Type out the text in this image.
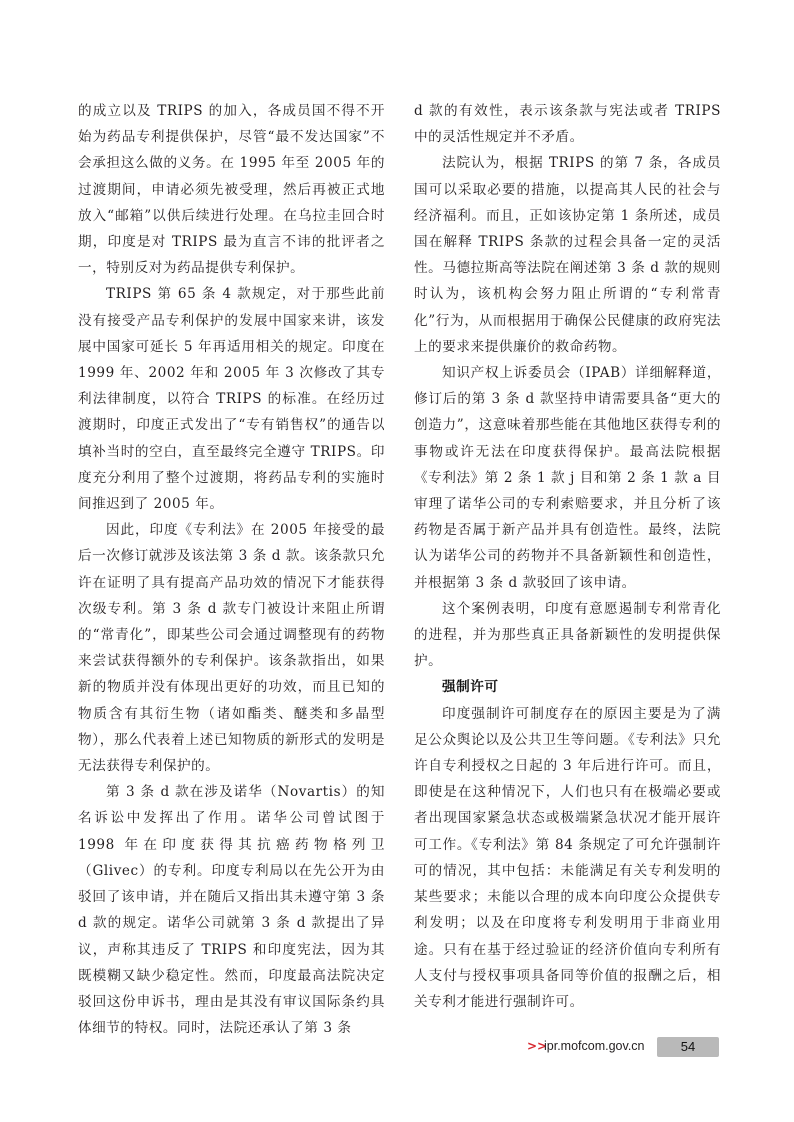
的成立以及 TRIPS 的加入，各成员国不得不开始为药品专利提供保护，尽管“最不发达国家”不会承担这么做的义务。在 1995 年至 2005 年的过渡期间，申请必须先被受理，然后再被正式地放入“邮箱”以供后续进行处理。在乌拉圭回合时期，印度是对 TRIPS 最为直言不讳的批评者之一，特别反对为药品提供专利保护。

TRIPS 第 65 条 4 款规定，对于那些此前没有接受产品专利保护的发展中国家来讲，该发展中国家可延长 5 年再适用相关的规定。印度在 1999 年、2002 年和 2005 年 3 次修改了其专利法律制度，以符合 TRIPS 的标准。在经历过渡期时，印度正式发出了“专有销售权”的通告以填补当时的空白，直至最终完全遵守 TRIPS。印度充分利用了整个过渡期，将药品专利的实施时间推迟到了 2005 年。

因此，印度《专利法》在 2005 年接受的最后一次修订就涉及该法第 3 条 d 款。该条款只允许在证明了具有提高产品功效的情况下才能获得次级专利。第 3 条 d 款专门被设计来阻止所谓的“常青化”，即某些公司会通过调整现有的药物来尝试获得额外的专利保护。该条款指出，如果新的物质并没有体现出更好的功效，而且已知的物质含有其衍生物（诸如酯类、醚类和多晶型物），那么代表着上述已知物质的新形式的发明是无法获得专利保护的。

第 3 条 d 款在涉及诺华（Novartis）的知名诉讼中发挥出了作用。诺华公司曾试图于 1998 年在印度获得其抗癌药物格列卫（Glivec）的专利。印度专利局以在先公开为由驳回了该申请，并在随后又指出其未遵守第 3 条 d 款的规定。诺华公司就第 3 条 d 款提出了异议，声称其违反了 TRIPS 和印度宪法，因为其既模糊又缺少稳定性。然而，印度最高法院决定驳回这份申诉书，理由是其没有审议国际条约具体细节的特权。同时，法院还承认了第 3 条

d 款的有效性，表示该条款与宪法或者 TRIPS 中的灵活性规定并不矛盾。

法院认为，根据 TRIPS 的第 7 条，各成员国可以采取必要的措施，以提高其人民的社会与经济福利。而且，正如该协定第 1 条所述，成员国在解释 TRIPS 条款的过程会具备一定的灵活性。马德拉斯高等法院在阐述第 3 条 d 款的规则时认为，该机构会努力阻止所谓的“专利常青化”行为，从而根据用于确保公民健康的政府宪法上的要求来提供廉价的救命药物。

知识产权上诉委员会（IPAB）详细解释道，修订后的第 3 条 d 款坚持申请需要具备“更大的创造力”，这意味着那些能在其他地区获得专利的事物或许无法在印度获得保护。最高法院根据《专利法》第 2 条 1 款 j 目和第 2 条 1 款 a 目审理了诺华公司的专利索赔要求，并且分析了该药物是否属于新产品并具有创造性。最终，法院认为诺华公司的药物并不具备新颖性和创造性，并根据第 3 条 d 款驳回了该申请。

这个案例表明，印度有意愿遏制专利常青化的进程，并为那些真正具备新颖性的发明提供保护。

强制许可

印度强制许可制度存在的原因主要是为了满足公众舆论以及公共卫生等问题。《专利法》只允许自专利授权之日起的 3 年后进行许可。而且，即使是在这种情况下，人们也只有在极端必要或者出现国家紧急状态或极端紧急状况才能开展许可工作。《专利法》第 84 条规定了可允许强制许可的情况，其中包括：未能满足有关专利发明的某些要求；未能以合理的成本向印度公众提供专利发明；以及在印度将专利发明用于非商业用途。只有在基于经过验证的经济价值向专利所有人支付与授权事项具备同等价值的报酬之后，相关专利才能进行强制许可。

>>
ipr.mofcom.gov.cn	54
